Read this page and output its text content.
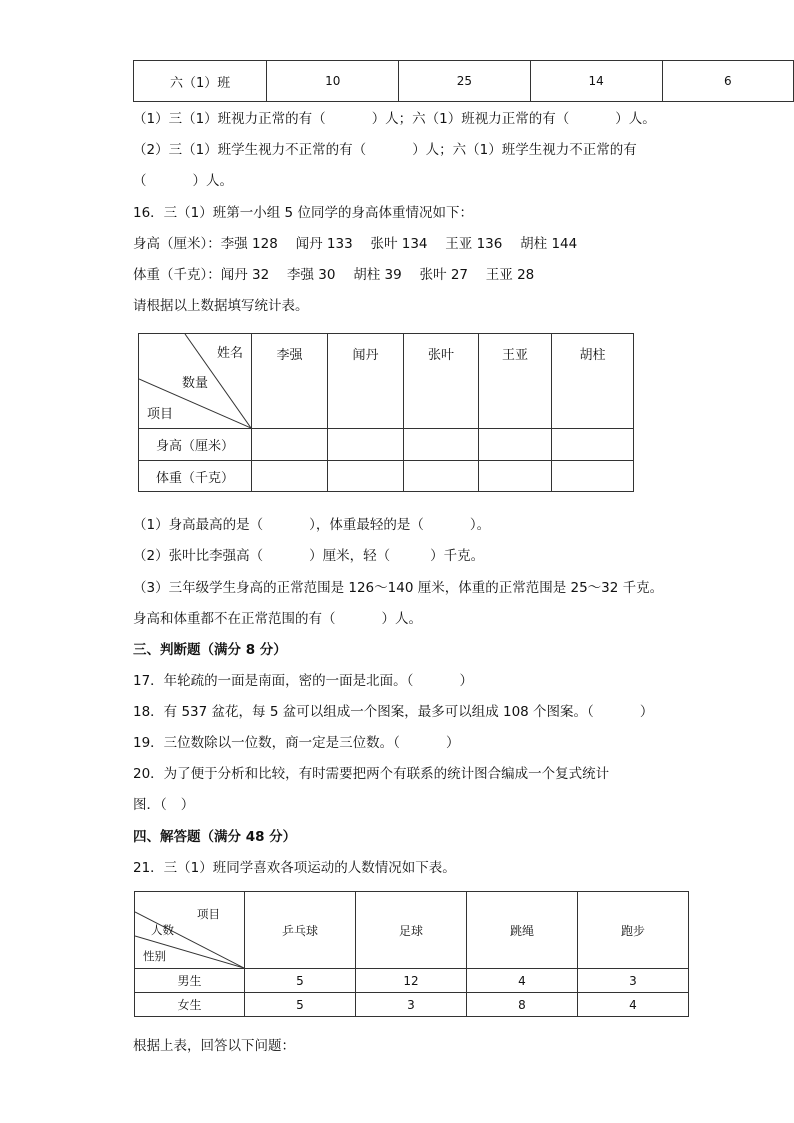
六（1）班	10	25	14	6
（1）三（1）班视力正常的有（	）人；六（1）班视力正常的有（	）人。
（2）三（1）班学生视力不正常的有（	）人；六（1）班学生视力不正常的有
（	）人。
16．三（1）班第一小组 5 位同学的身高体重情况如下：
身高（厘米）：李强 128　 闻丹 133　 张叶 134　 王亚 136　 胡柱 144
体重（千克）：闻丹 32　 李强 30　 胡柱 39　 张叶 27　 王亚 28
请根据以上数据填写统计表。
姓名
数量
项目	李强	闻丹	张叶	王亚	胡柱
身高（厘米）					
体重（千克）					
（1）身高最高的是（	），体重最轻的是（	）。
（2）张叶比李强高（	）厘米，轻（	）千克。
（3）三年级学生身高的正常范围是 126～140 厘米，体重的正常范围是 25～32 千克。
身高和体重都不在正常范围的有（	）人。
三、判断题（满分 8 分）
17．年轮疏的一面是南面，密的一面是北面。（	）
18．有 537 盆花，每 5 盆可以组成一个图案，最多可以组成 108 个图案。（	）
19．三位数除以一位数，商一定是三位数。（	）
20．为了便于分析和比较，有时需要把两个有联系的统计图合编成一个复式统计
图．（ ）
四、解答题（满分 48 分）
21．三（1）班同学喜欢各项运动的人数情况如下表。
项目
人数
性别	乒乓球	足球	跳绳	跑步
男生	5	12	4	3
女生	5	3	8	4
根据上表，回答以下问题：
